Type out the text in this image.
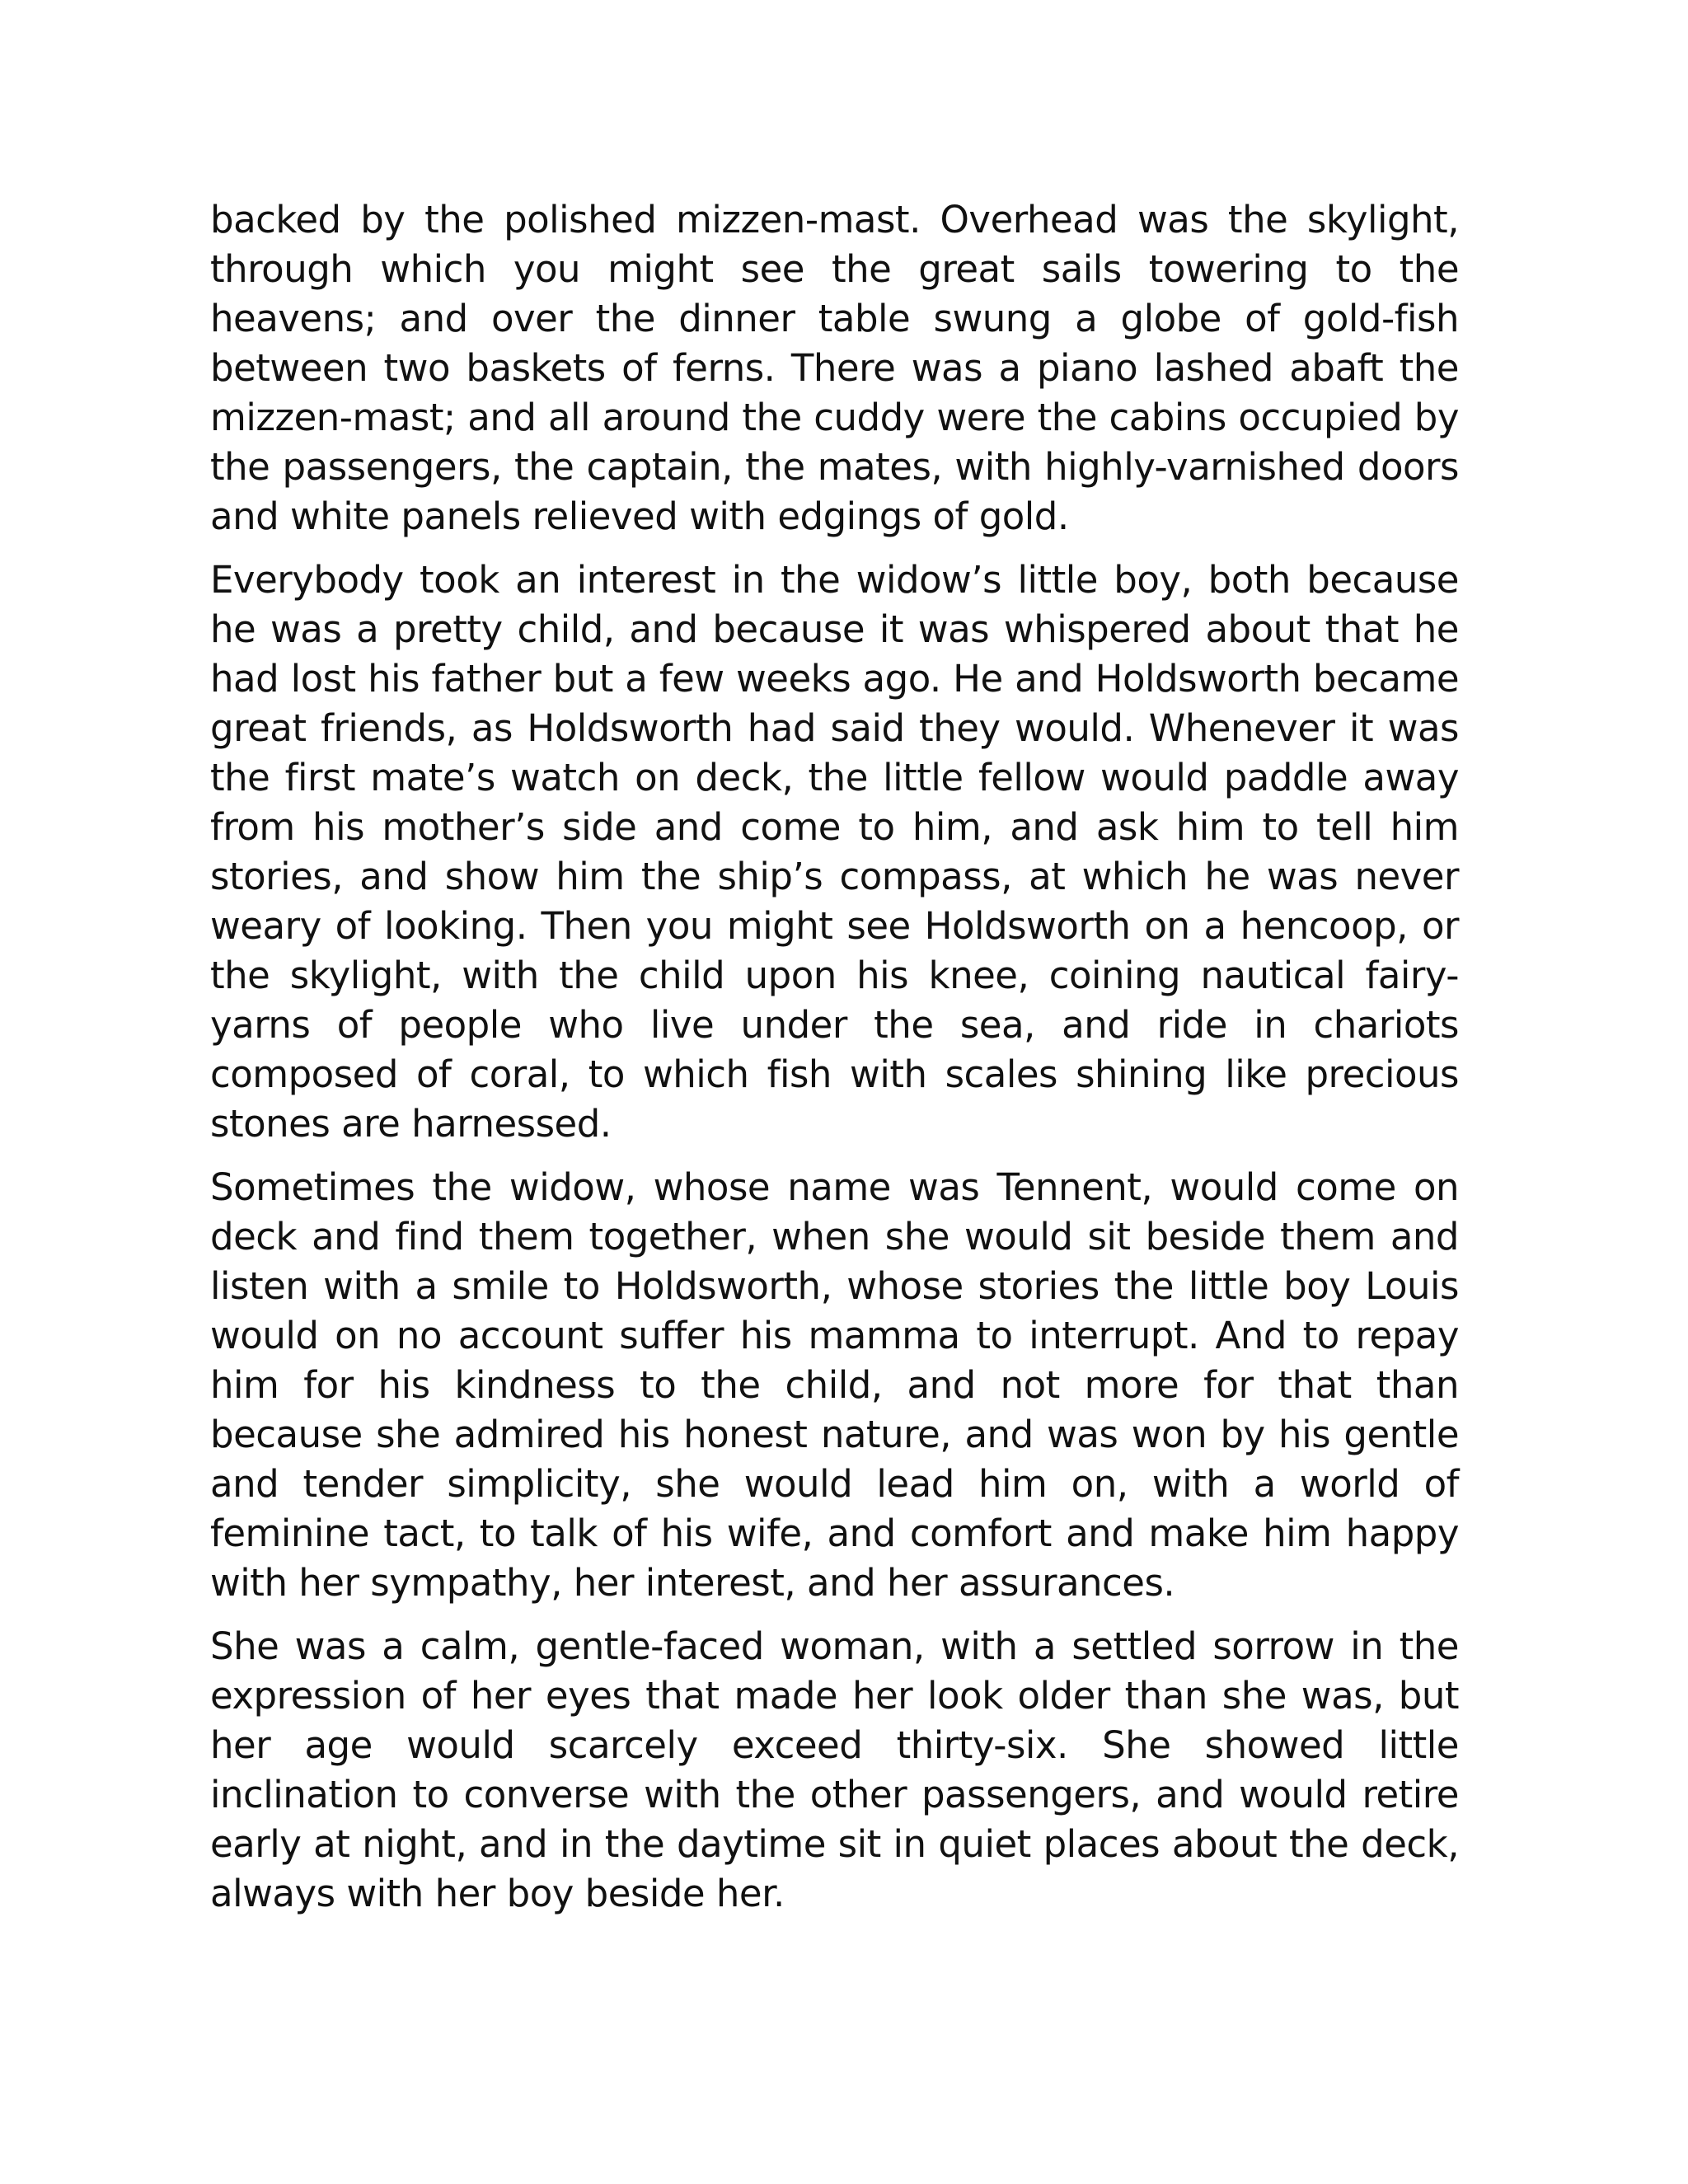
backed by the polished mizzen-mast. Overhead was the skylight, through which you might see the great sails towering to the heavens; and over the dinner table swung a globe of gold-fish between two baskets of ferns. There was a piano lashed abaft the mizzen-mast; and all around the cuddy were the cabins occupied by the passengers, the captain, the mates, with highly-varnished doors and white panels relieved with edgings of gold.

Everybody took an interest in the widow’s little boy, both because he was a pretty child, and because it was whispered about that he had lost his father but a few weeks ago. He and Holdsworth became great friends, as Holdsworth had said they would. Whenever it was the first mate’s watch on deck, the little fellow would paddle away from his mother’s side and come to him, and ask him to tell him stories, and show him the ship’s compass, at which he was never weary of looking. Then you might see Holdsworth on a hencoop, or the skylight, with the child upon his knee, coining nautical fairy-yarns of people who live under the sea, and ride in chariots composed of coral, to which fish with scales shining like precious stones are harnessed.

Sometimes the widow, whose name was Tennent, would come on deck and find them together, when she would sit beside them and listen with a smile to Holdsworth, whose stories the little boy Louis would on no account suffer his mamma to interrupt. And to repay him for his kindness to the child, and not more for that than because she admired his honest nature, and was won by his gentle and tender simplicity, she would lead him on, with a world of feminine tact, to talk of his wife, and comfort and make him happy with her sympathy, her interest, and her assurances.

She was a calm, gentle-faced woman, with a settled sorrow in the expression of her eyes that made her look older than she was, but her age would scarcely exceed thirty-six. She showed little inclination to converse with the other passengers, and would retire early at night, and in the daytime sit in quiet places about the deck, always with her boy beside her.
